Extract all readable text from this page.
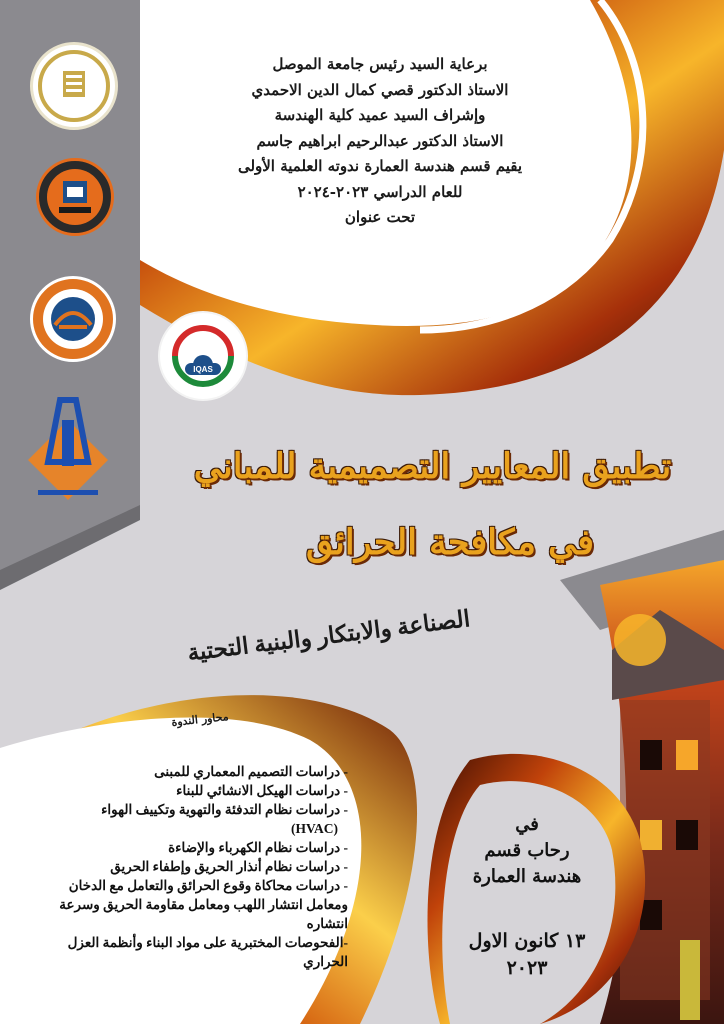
IQAS
برعاية السيد رئيس جامعة الموصل
الاستاذ الدكتور قصي كمال الدين الاحمدي
وإشراف السيد عميد كلية الهندسة
الاستاذ الدكتور عبدالرحيم ابراهيم جاسم
يقيم قسم هندسة العمارة ندوته العلمية الأولى
للعام الدراسي ٢٠٢٣-٢٠٢٤
تحت عنوان
تطبيق المعايير التصميمية للمباني
في مكافحة الحرائق
الصناعة والابتكار والبنية التحتية
محاور الندوة
- دراسات التصميم المعماري للمبنى
- دراسات الهيكل الانشائي للبناء
- دراسات نظام التدفئة والتهوية وتكييف الهواء
(HVAC)
- دراسات نظام الكهرباء والإضاءة
- دراسات نظام أنذار الحريق وإطفاء الحريق
- دراسات محاكاة وقوع الحرائق والتعامل مع الدخان
ومعامل انتشار اللهب ومعامل مقاومة الحريق وسرعة
انتشاره
-الفحوصات المختبرية على مواد البناء وأنظمة العزل
الحراري
في
رحاب قسم
هندسة العمارة
١٣ كانون الاول
٢٠٢٣
